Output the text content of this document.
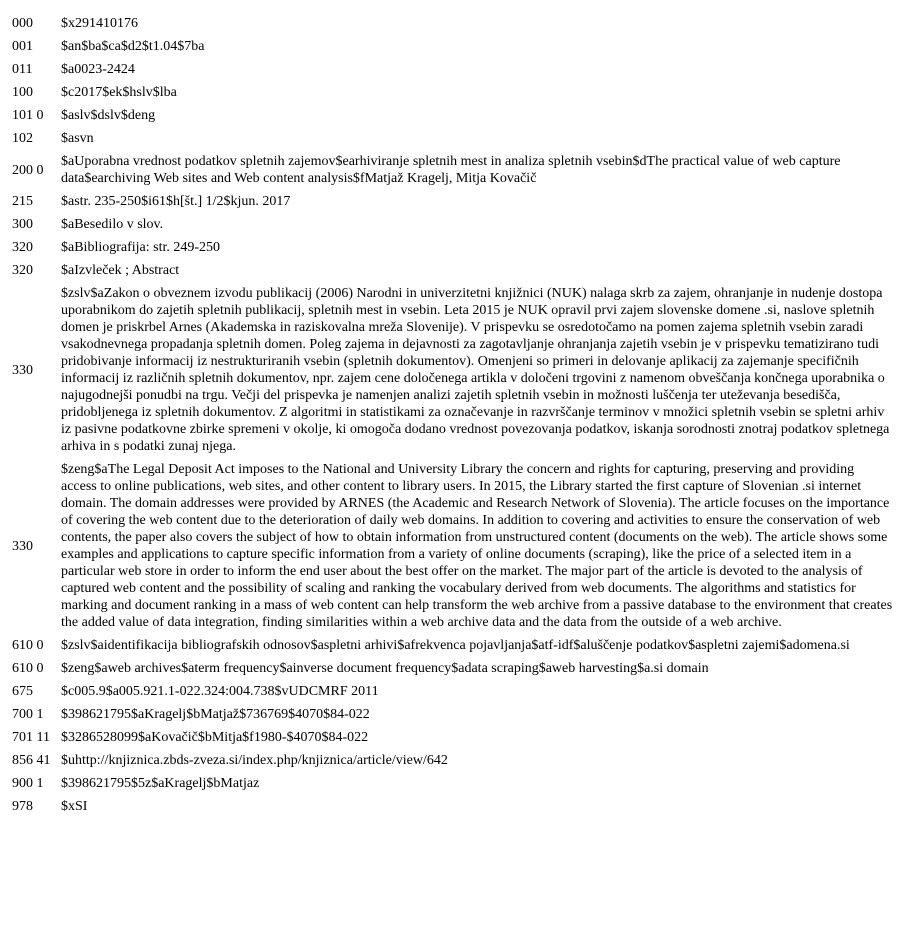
000	$x291410176
001	$an$ba$ca$d2$t1.04$7ba
011	$a0023-2424
100	$c2017$ek$hslv$lba
101 0	$aslv$dslv$deng
102	$asvn
200 0	$aUporabna vrednost podatkov spletnih zajemov$earhiviranje spletnih mest in analiza spletnih vsebin$dThe practical value of web capture data$earchiving Web sites and Web content analysis$fMatjaž Kragelj, Mitja Kovačič
215	$astr. 235-250$i61$h[št.] 1/2$kjun. 2017
300	$aBesedilo v slov.
320	$aBibliografija: str. 249-250
320	$aIzvleček ; Abstract
330	$zslv$aZakon o obveznem izvodu publikacij (2006) Narodni in univerzitetni knjižnici (NUK) nalaga skrb za zajem, ohranjanje in nudenje dostopa uporabnikom do zajetih spletnih publikacij, spletnih mest in vsebin. Leta 2015 je NUK opravil prvi zajem slovenske domene .si, naslove spletnih domen je priskrbel Arnes (Akademska in raziskovalna mreža Slovenije). V prispevku se osredotočamo na pomen zajema spletnih vsebin zaradi vsakodnevnega propadanja spletnih domen. Poleg zajema in dejavnosti za zagotavljanje ohranjanja zajetih vsebin je v prispevku tematizirano tudi pridobivanje informacij iz nestrukturiranih vsebin (spletnih dokumentov). Omenjeni so primeri in delovanje aplikacij za zajemanje specifičnih informacij iz različnih spletnih dokumentov, npr. zajem cene določenega artikla v določeni trgovini z namenom obveščanja končnega uporabnika o najugodnejši ponudbi na trgu. Večji del prispevka je namenjen analizi zajetih spletnih vsebin in možnosti luščenja ter uteževanja besedišča, pridobljenega iz spletnih dokumentov. Z algoritmi in statistikami za označevanje in razvrščanje terminov v množici spletnih vsebin se spletni arhiv iz pasivne podatkovne zbirke spremeni v okolje, ki omogoča dodano vrednost povezovanja podatkov, iskanja sorodnosti znotraj podatkov spletnega arhiva in s podatki zunaj njega.
330	$zeng$aThe Legal Deposit Act imposes to the National and University Library the concern and rights for capturing, preserving and providing access to online publications, web sites, and other content to library users. In 2015, the Library started the first capture of Slovenian .si internet domain. The domain addresses were provided by ARNES (the Academic and Research Network of Slovenia). The article focuses on the importance of covering the web content due to the deterioration of daily web domains. In addition to covering and activities to ensure the conservation of web contents, the paper also covers the subject of how to obtain information from unstructured content (documents on the web). The article shows some examples and applications to capture specific information from a variety of online documents (scraping), like the price of a selected item in a particular web store in order to inform the end user about the best offer on the market. The major part of the article is devoted to the analysis of captured web content and the possibility of scaling and ranking the vocabulary derived from web documents. The algorithms and statistics for marking and document ranking in a mass of web content can help transform the web archive from a passive database to the environment that creates the added value of data integration, finding similarities within a web archive data and the data from the outside of a web archive.
610 0	$zslv$aidentifikacija bibliografskih odnosov$aspletni arhivi$afrekvenca pojavljanja$atf-idf$aluščenje podatkov$aspletni zajemi$adomena.si
610 0	$zeng$aweb archives$aterm frequency$ainverse document frequency$adata scraping$aweb harvesting$a.si domain
675	$c005.9$a005.921.1-022.324:004.738$vUDCMRF 2011
700 1	$398621795$aKragelj$bMatjaž$736769$4070$84-022
701 11	$3286528099$aKovačič$bMitja$f1980-$4070$84-022
856 41	$uhttp://knjiznica.zbds-zveza.si/index.php/knjiznica/article/view/642
900 1	$398621795$5z$aKragelj$bMatjaz
978	$xSI
